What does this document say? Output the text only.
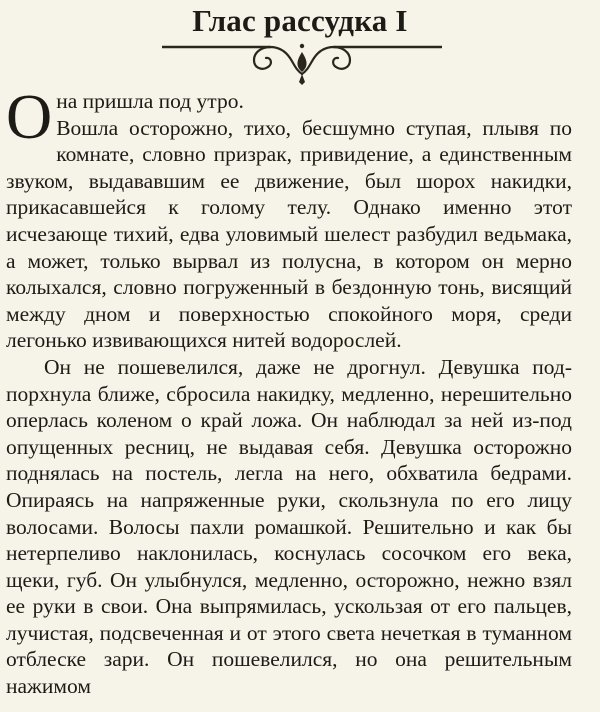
Глас рассудка I

Она пришла под утро.

Вошла осторожно, тихо, бесшумно ступая, плывя по комнате, словно призрак, привидение, а единственным звуком, выдававшим ее движение, был шорох накидки, прикасавшейся к голому телу. Однако именно этот исчезающе тихий, едва уловимый шелест разбудил ведьмака, а может, только вырвал из полусна, в котором он мерно колыхался, словно погруженный в бездонную тонь, висящий между дном и поверхностью спокойного моря, среди легонько извивающихся нитей водорослей.

Он не пошевелился, даже не дрогнул. Девушка подпорхнула ближе, сбросила накидку, медленно, нерешительно оперлась коленом о край ложа. Он наблюдал за ней из-под опущенных ресниц, не выдавая себя. Девушка осторожно поднялась на постель, легла на него, обхватила бедрами. Опираясь на напряженные руки, скользнула по его лицу волосами. Волосы пахли ромашкой. Решительно и как бы нетерпеливо наклонилась, коснулась сосочком его века, щеки, губ. Он улыбнулся, медленно, осторожно, нежно взял ее руки в свои. Она выпрямилась, ускользая от его пальцев, лучистая, подсвеченная и от этого света нечеткая в туманном отблеске зари. Он пошевелился, но она решительным нажимом
